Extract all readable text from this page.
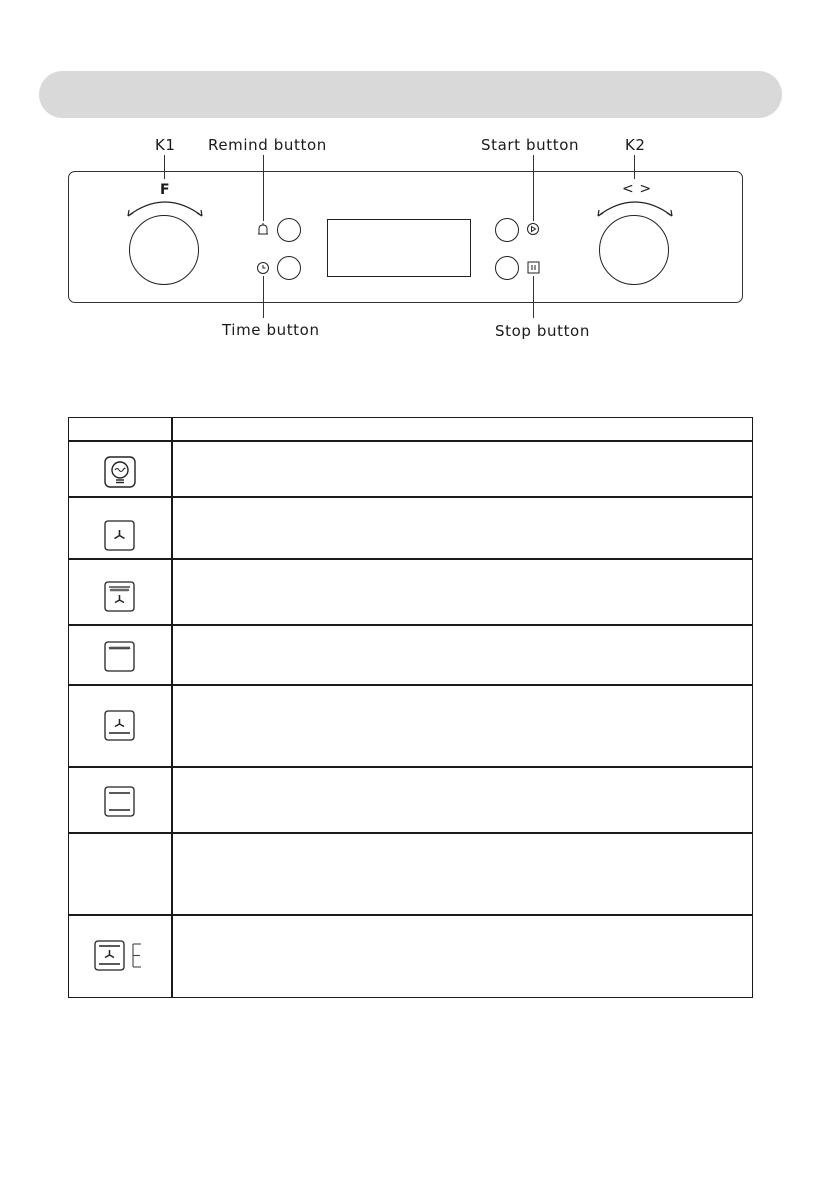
K1 Remind button	Start button	K2
F	< >
Time button	Stop button
